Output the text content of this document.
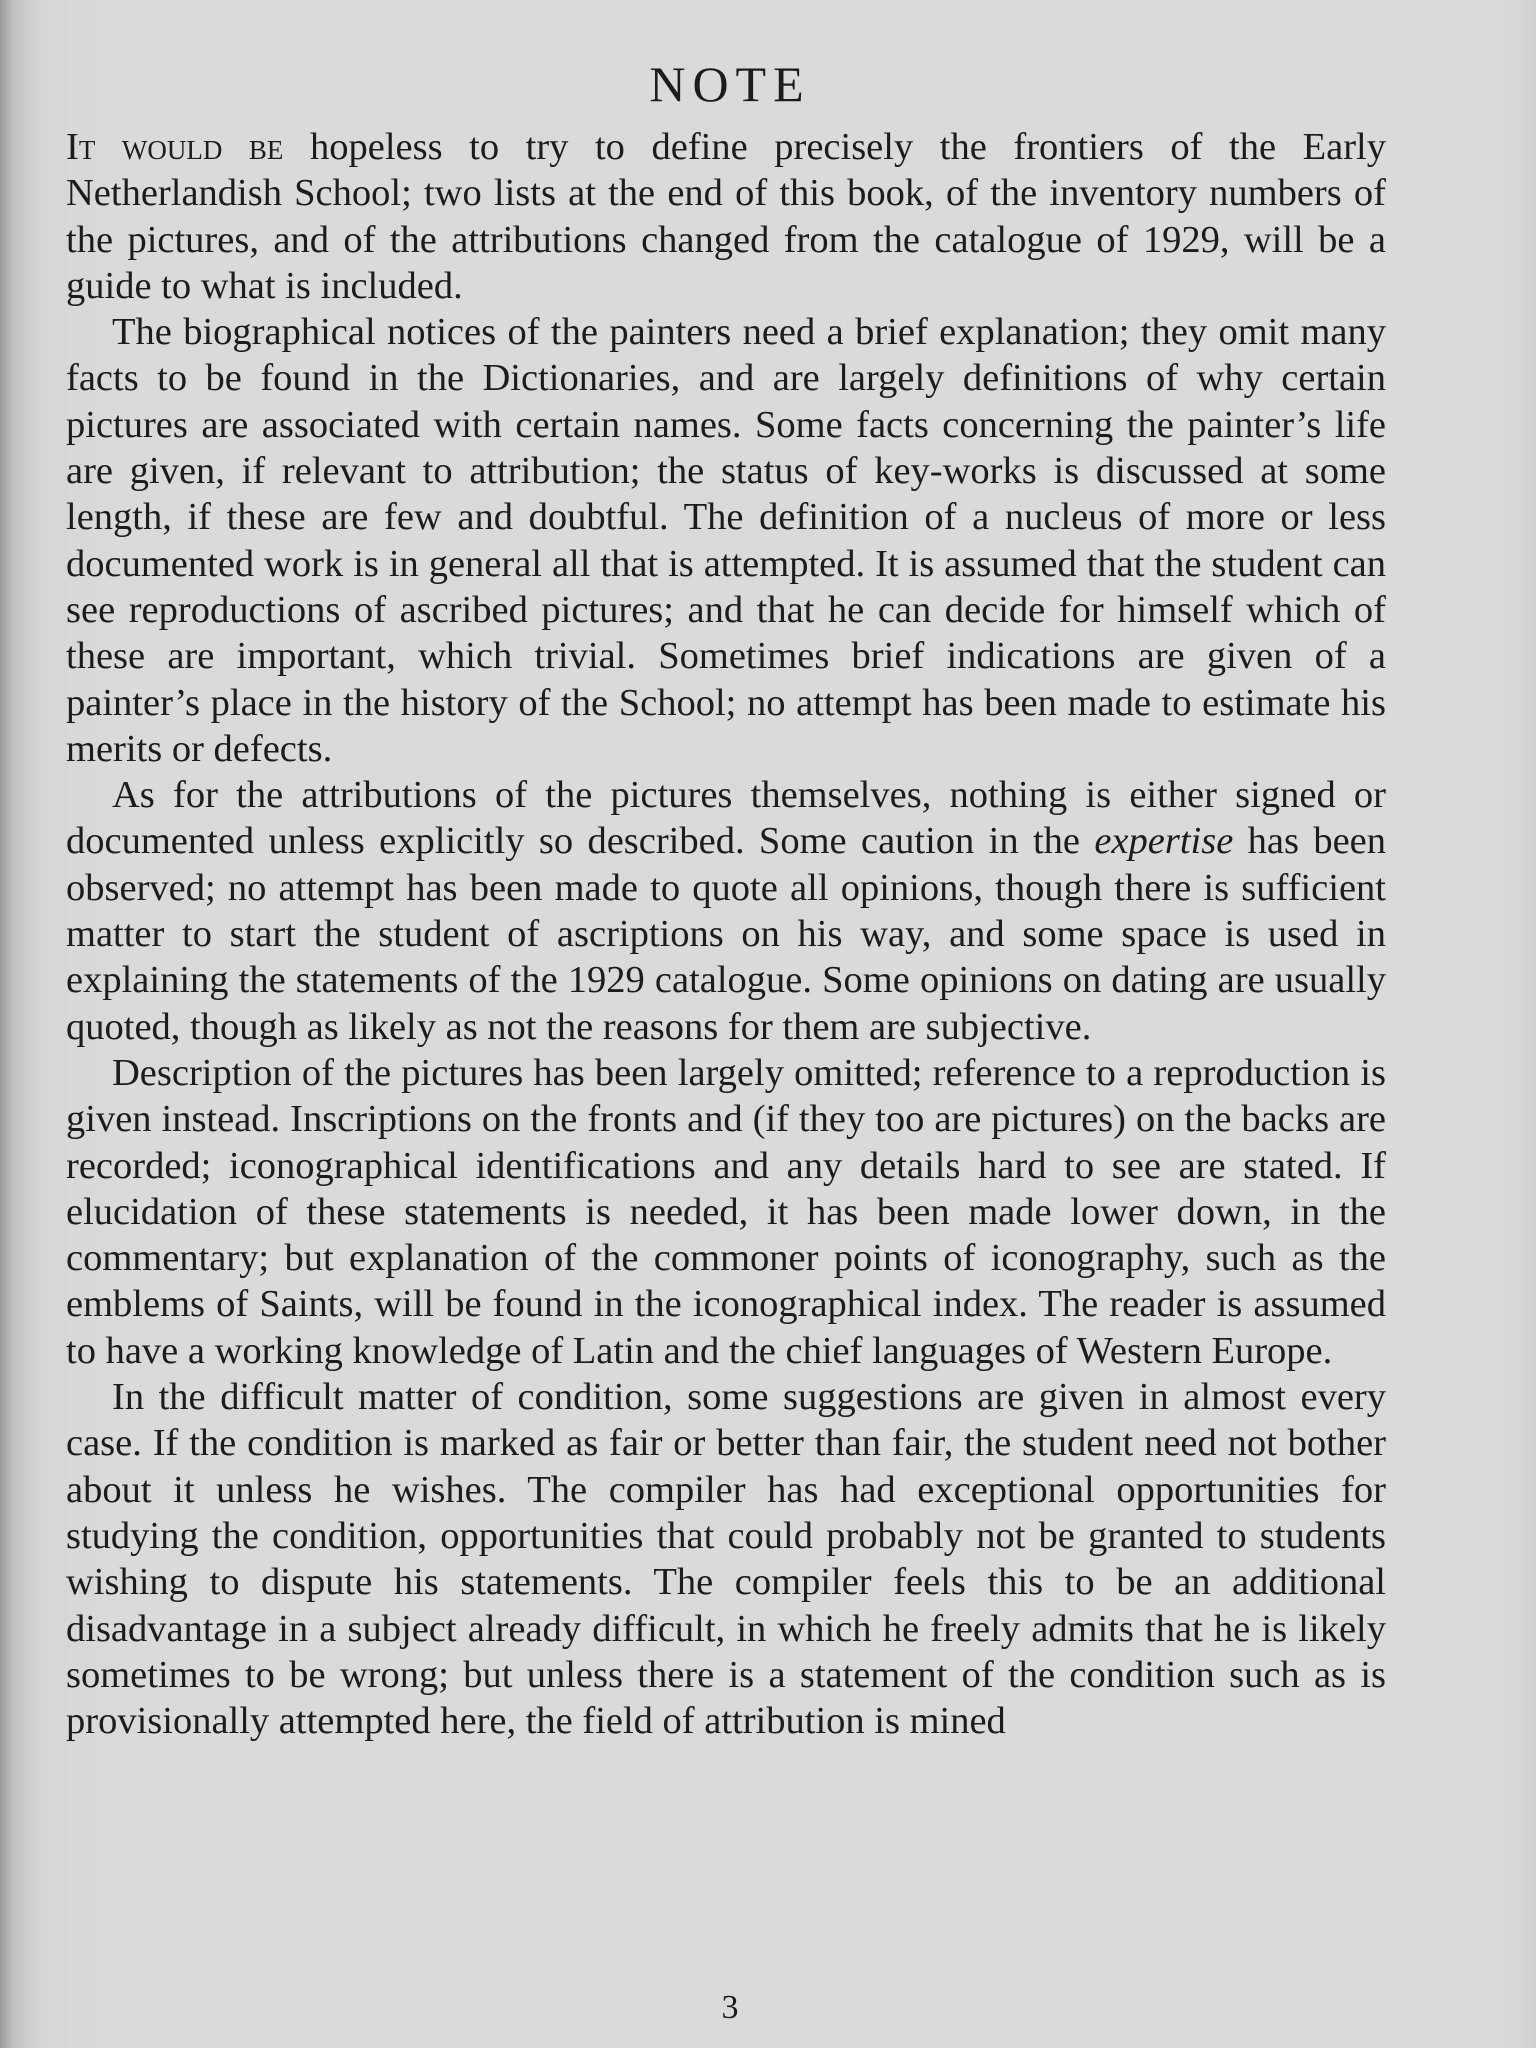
NOTE

It would be hopeless to try to define precisely the frontiers of the Early Netherlandish School; two lists at the end of this book, of the inventory numbers of the pictures, and of the attributions changed from the catalogue of 1929, will be a guide to what is included.

The biographical notices of the painters need a brief explanation; they omit many facts to be found in the Dictionaries, and are largely definitions of why certain pictures are associated with certain names. Some facts concerning the painter’s life are given, if relevant to attribution; the status of key-works is discussed at some length, if these are few and doubtful. The definition of a nucleus of more or less documented work is in general all that is attempted. It is assumed that the student can see reproductions of ascribed pictures; and that he can decide for himself which of these are important, which trivial. Sometimes brief indications are given of a painter’s place in the history of the School; no attempt has been made to estimate his merits or defects.

As for the attributions of the pictures themselves, nothing is either signed or documented unless explicitly so described. Some caution in the expertise has been observed; no attempt has been made to quote all opinions, though there is sufficient matter to start the student of ascriptions on his way, and some space is used in explaining the statements of the 1929 catalogue. Some opinions on dating are usually quoted, though as likely as not the reasons for them are subjective.

Description of the pictures has been largely omitted; reference to a reproduction is given instead. Inscriptions on the fronts and (if they too are pictures) on the backs are recorded; iconographical identifications and any details hard to see are stated. If elucidation of these statements is needed, it has been made lower down, in the commentary; but explanation of the commoner points of iconography, such as the emblems of Saints, will be found in the iconographical index. The reader is assumed to have a working knowledge of Latin and the chief languages of Western Europe.

In the difficult matter of condition, some suggestions are given in almost every case. If the condition is marked as fair or better than fair, the student need not bother about it unless he wishes. The compiler has had exceptional opportunities for studying the condition, opportunities that could probably not be granted to students wishing to dispute his statements. The compiler feels this to be an additional disadvantage in a subject already difficult, in which he freely admits that he is likely sometimes to be wrong; but unless there is a statement of the condition such as is provisionally attempted here, the field of attribution is mined

3
